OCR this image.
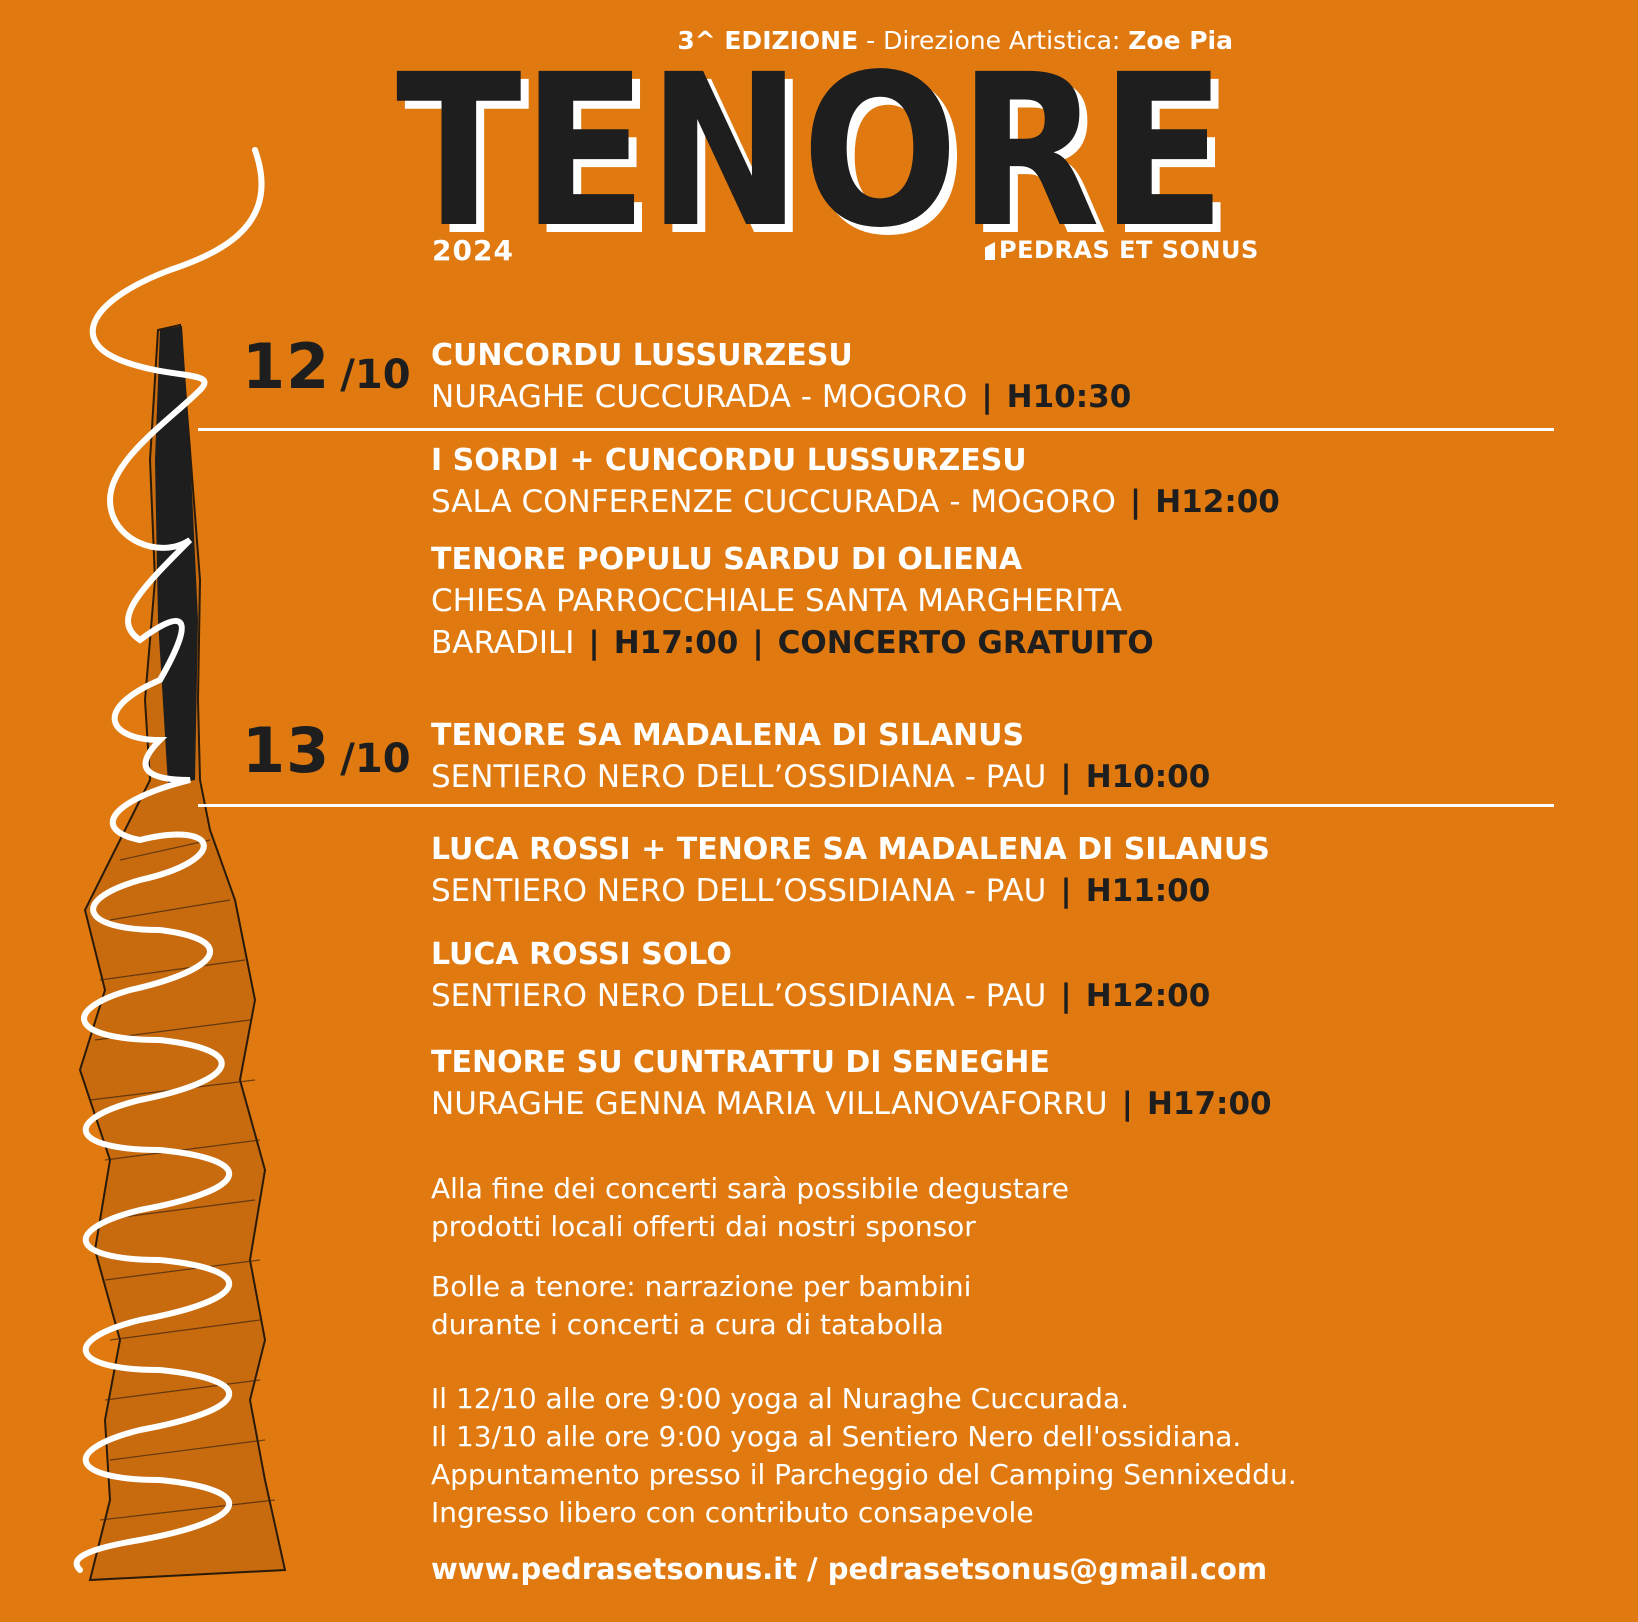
3^ EDIZIONE - Direzione Artistica: Zoe Pia
TENORE
TENORE
2024	PEDRAS ET SONUS
12 /10 CUNCORDU LUSSURZESU
NURAGHE CUCCURADA - MOGORO | H10:30
I SORDI + CUNCORDU LUSSURZESU
SALA CONFERENZE CUCCURADA - MOGORO | H12:00
TENORE POPULU SARDU DI OLIENA
CHIESA PARROCCHIALE SANTA MARGHERITA
BARADILI | H17:00 | CONCERTO GRATUITO
13 /10
TENORE SA MADALENA DI SILANUS
SENTIERO NERO DELL’OSSIDIANA - PAU | H10:00
LUCA ROSSI + TENORE SA MADALENA DI SILANUS
SENTIERO NERO DELL’OSSIDIANA - PAU | H11:00
LUCA ROSSI SOLO
SENTIERO NERO DELL’OSSIDIANA - PAU | H12:00
TENORE SU CUNTRATTU DI SENEGHE
NURAGHE GENNA MARIA VILLANOVAFORRU | H17:00
Alla fine dei concerti sarà possibile degustare
prodotti locali offerti dai nostri sponsor
Bolle a tenore: narrazione per bambini
durante i concerti a cura di tatabolla
Il 12/10 alle ore 9:00 yoga al Nuraghe Cuccurada.
Il 13/10 alle ore 9:00 yoga al Sentiero Nero dell'ossidiana.
Appuntamento presso il Parcheggio del Camping Sennixeddu.
Ingresso libero con contributo consapevole
www.pedrasetsonus.it / pedrasetsonus@gmail.com
